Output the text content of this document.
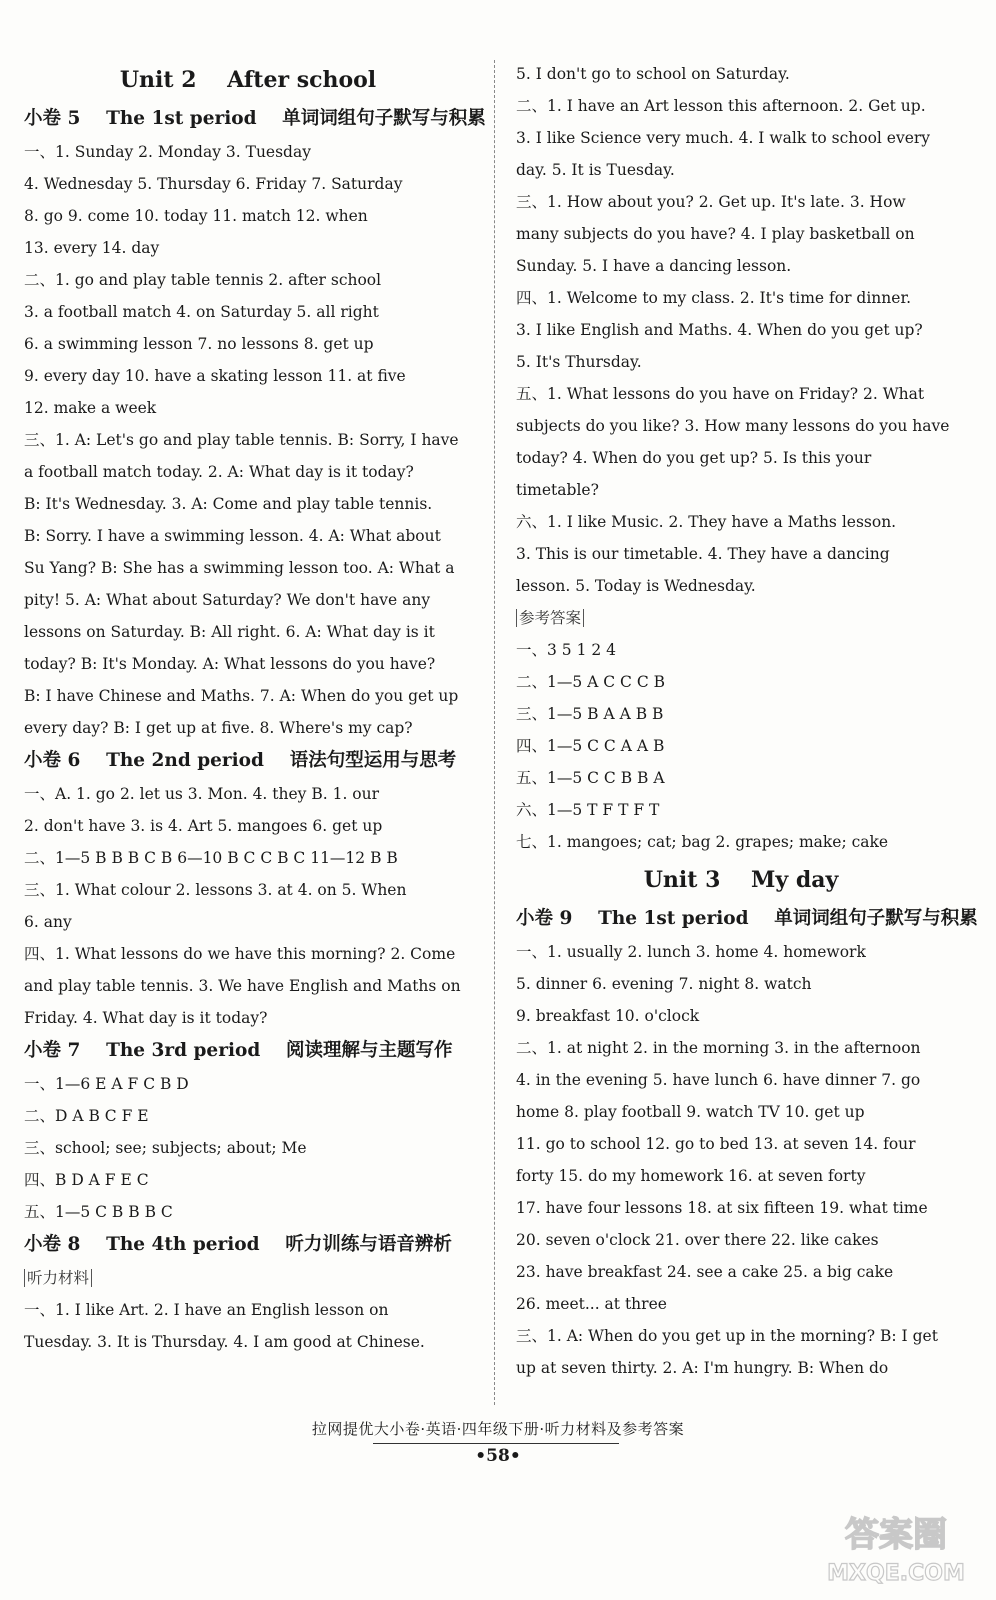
Unit 2    After school
小卷 5    The 1st period    单词词组句子默写与积累
一、1. Sunday 2. Monday 3. Tuesday
4. Wednesday 5. Thursday 6. Friday 7. Saturday
8. go 9. come 10. today 11. match 12. when
13. every 14. day
二、1. go and play table tennis 2. after school
3. a football match 4. on Saturday 5. all right
6. a swimming lesson 7. no lessons 8. get up
9. every day 10. have a skating lesson 11. at five
12. make a week
三、1. A: Let's go and play table tennis. B: Sorry, I have
a football match today. 2. A: What day is it today?
B: It's Wednesday. 3. A: Come and play table tennis.
B: Sorry. I have a swimming lesson. 4. A: What about
Su Yang? B: She has a swimming lesson too. A: What a
pity! 5. A: What about Saturday? We don't have any
lessons on Saturday. B: All right. 6. A: What day is it
today? B: It's Monday. A: What lessons do you have?
B: I have Chinese and Maths. 7. A: When do you get up
every day? B: I get up at five. 8. Where's my cap?
小卷 6    The 2nd period    语法句型运用与思考
一、A. 1. go 2. let us 3. Mon. 4. they B. 1. our
2. don't have 3. is 4. Art 5. mangoes 6. get up
二、1—5 B B B C B 6—10 B C C B C 11—12 B B
三、1. What colour 2. lessons 3. at 4. on 5. When
6. any
四、1. What lessons do we have this morning? 2. Come
and play table tennis. 3. We have English and Maths on
Friday. 4. What day is it today?
小卷 7    The 3rd period    阅读理解与主题写作
一、1—6 E A F C B D
二、D A B C F E
三、school; see; subjects; about; Me
四、B D A F E C
五、1—5 C B B B C
小卷 8    The 4th period    听力训练与语音辨析
听力材料
一、1. I like Art. 2. I have an English lesson on
Tuesday. 3. It is Thursday. 4. I am good at Chinese.
5. I don't go to school on Saturday.
二、1. I have an Art lesson this afternoon. 2. Get up.
3. I like Science very much. 4. I walk to school every
day. 5. It is Tuesday.
三、1. How about you? 2. Get up. It's late. 3. How
many subjects do you have? 4. I play basketball on
Sunday. 5. I have a dancing lesson.
四、1. Welcome to my class. 2. It's time for dinner.
3. I like English and Maths. 4. When do you get up?
5. It's Thursday.
五、1. What lessons do you have on Friday? 2. What
subjects do you like? 3. How many lessons do you have
today? 4. When do you get up? 5. Is this your
timetable?
六、1. I like Music. 2. They have a Maths lesson.
3. This is our timetable. 4. They have a dancing
lesson. 5. Today is Wednesday.
参考答案
一、3 5 1 2 4
二、1—5 A C C C B
三、1—5 B A A B B
四、1—5 C C A A B
五、1—5 C C B B A
六、1—5 T F T F T
七、1. mangoes; cat; bag 2. grapes; make; cake
Unit 3    My day
小卷 9    The 1st period    单词词组句子默写与积累
一、1. usually 2. lunch 3. home 4. homework
5. dinner 6. evening 7. night 8. watch
9. breakfast 10. o'clock
二、1. at night 2. in the morning 3. in the afternoon
4. in the evening 5. have lunch 6. have dinner 7. go
home 8. play football 9. watch TV 10. get up
11. go to school 12. go to bed 13. at seven 14. four
forty 15. do my homework 16. at seven forty
17. have four lessons 18. at six fifteen 19. what time
20. seven o'clock 21. over there 22. like cakes
23. have breakfast 24. see a cake 25. a big cake
26. meet... at three
三、1. A: When do you get up in the morning? B: I get
up at seven thirty. 2. A: I'm hungry. B: When do
拉网提优大小卷·英语·四年级下册·听力材料及参考答案
•58•
答案圈
MXQE.COM
